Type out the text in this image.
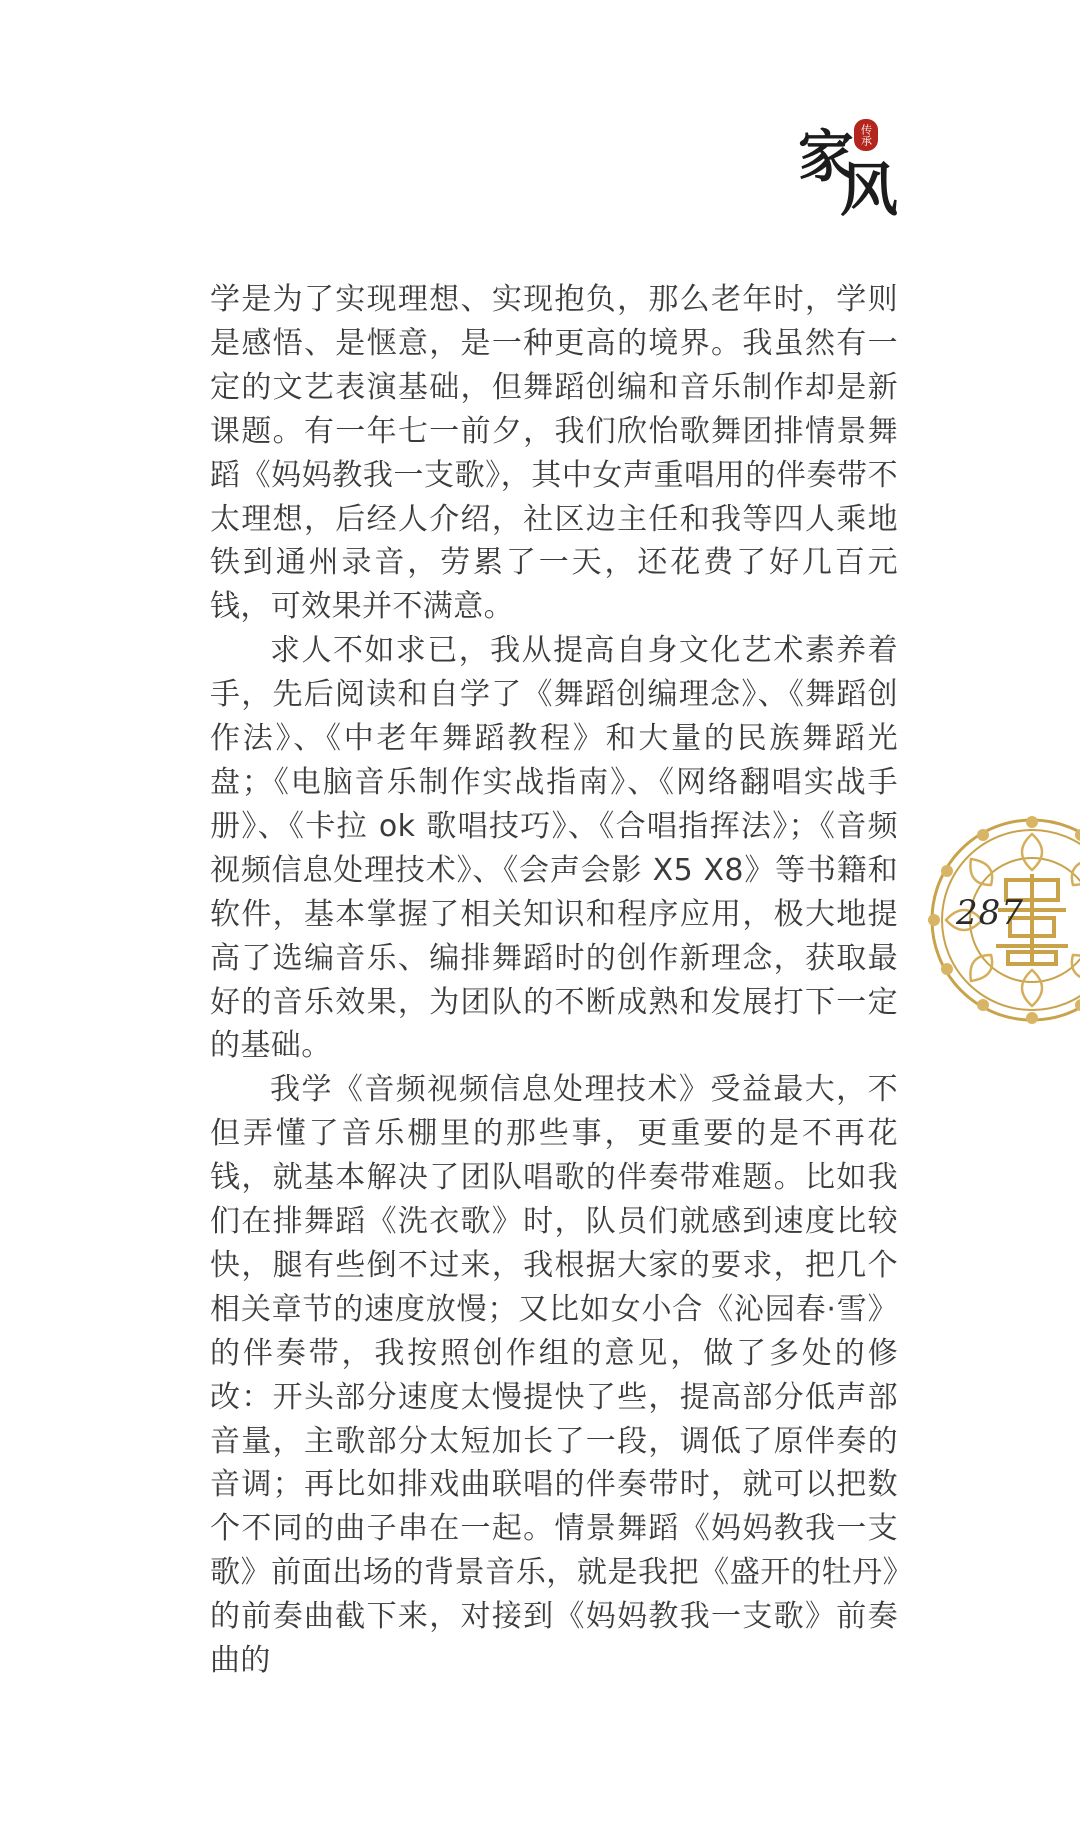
家 传承
风

学是为了实现理想、实现抱负，那么老年时，学则是感悟、是惬意，是一种更高的境界。我虽然有一定的文艺表演基础，但舞蹈创编和音乐制作却是新课题。有一年七一前夕，我们欣怡歌舞团排情景舞蹈《妈妈教我一支歌》，其中女声重唱用的伴奏带不太理想，后经人介绍，社区边主任和我等四人乘地铁到通州录音，劳累了一天，还花费了好几百元钱，可效果并不满意。

求人不如求已，我从提高自身文化艺术素养着手，先后阅读和自学了《舞蹈创编理念》、《舞蹈创作法》、《中老年舞蹈教程》和大量的民族舞蹈光盘；《电脑音乐制作实战指南》、《网络翻唱实战手册》、《卡拉 ok 歌唱技巧》、《合唱指挥法》；《音频视频信息处理技术》、《会声会影 X5 X8》等书籍和软件，基本掌握了相关知识和程序应用，极大地提高了选编音乐、编排舞蹈时的创作新理念，获取最好的音乐效果，为团队的不断成熟和发展打下一定的基础。

我学《音频视频信息处理技术》受益最大，不但弄懂了音乐棚里的那些事，更重要的是不再花钱，就基本解决了团队唱歌的伴奏带难题。比如我们在排舞蹈《洗衣歌》时，队员们就感到速度比较快，腿有些倒不过来，我根据大家的要求，把几个相关章节的速度放慢；又比如女小合《沁园春·雪》的伴奏带，我按照创作组的意见，做了多处的修改：开头部分速度太慢提快了些，提高部分低声部音量，主歌部分太短加长了一段，调低了原伴奏的音调；再比如排戏曲联唱的伴奏带时，就可以把数个不同的曲子串在一起。情景舞蹈《妈妈教我一支歌》前面出场的背景音乐，就是我把《盛开的牡丹》的前奏曲截下来，对接到《妈妈教我一支歌》前奏曲的

287
